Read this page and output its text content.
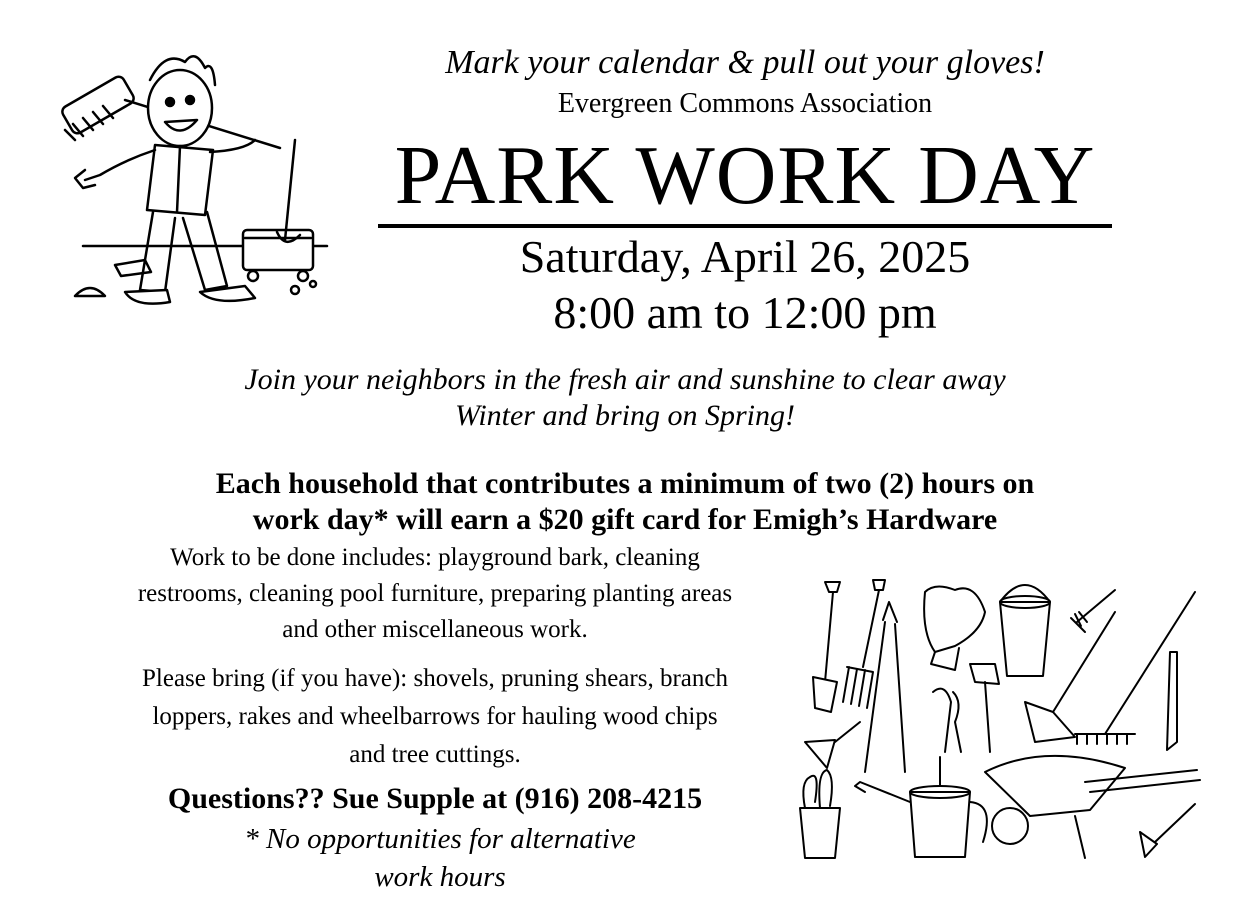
Mark your calendar & pull out your gloves!
Evergreen Commons Association
PARK WORK DAY
Saturday, April 26, 2025
8:00 am to 12:00 pm
Join your neighbors in the fresh air and sunshine to clear away
Winter and bring on Spring!
Each household that contributes a minimum of two (2) hours on
work day* will earn a $20 gift card for Emigh’s Hardware
Work to be done includes: playground bark, cleaning
restrooms, cleaning pool furniture, preparing planting areas
and other miscellaneous work.
Please bring (if you have): shovels, pruning shears, branch
loppers, rakes and wheelbarrows for hauling wood chips
and tree cuttings.
Questions?? Sue Supple at (916) 208-4215
* No opportunities for alternative
work hours
